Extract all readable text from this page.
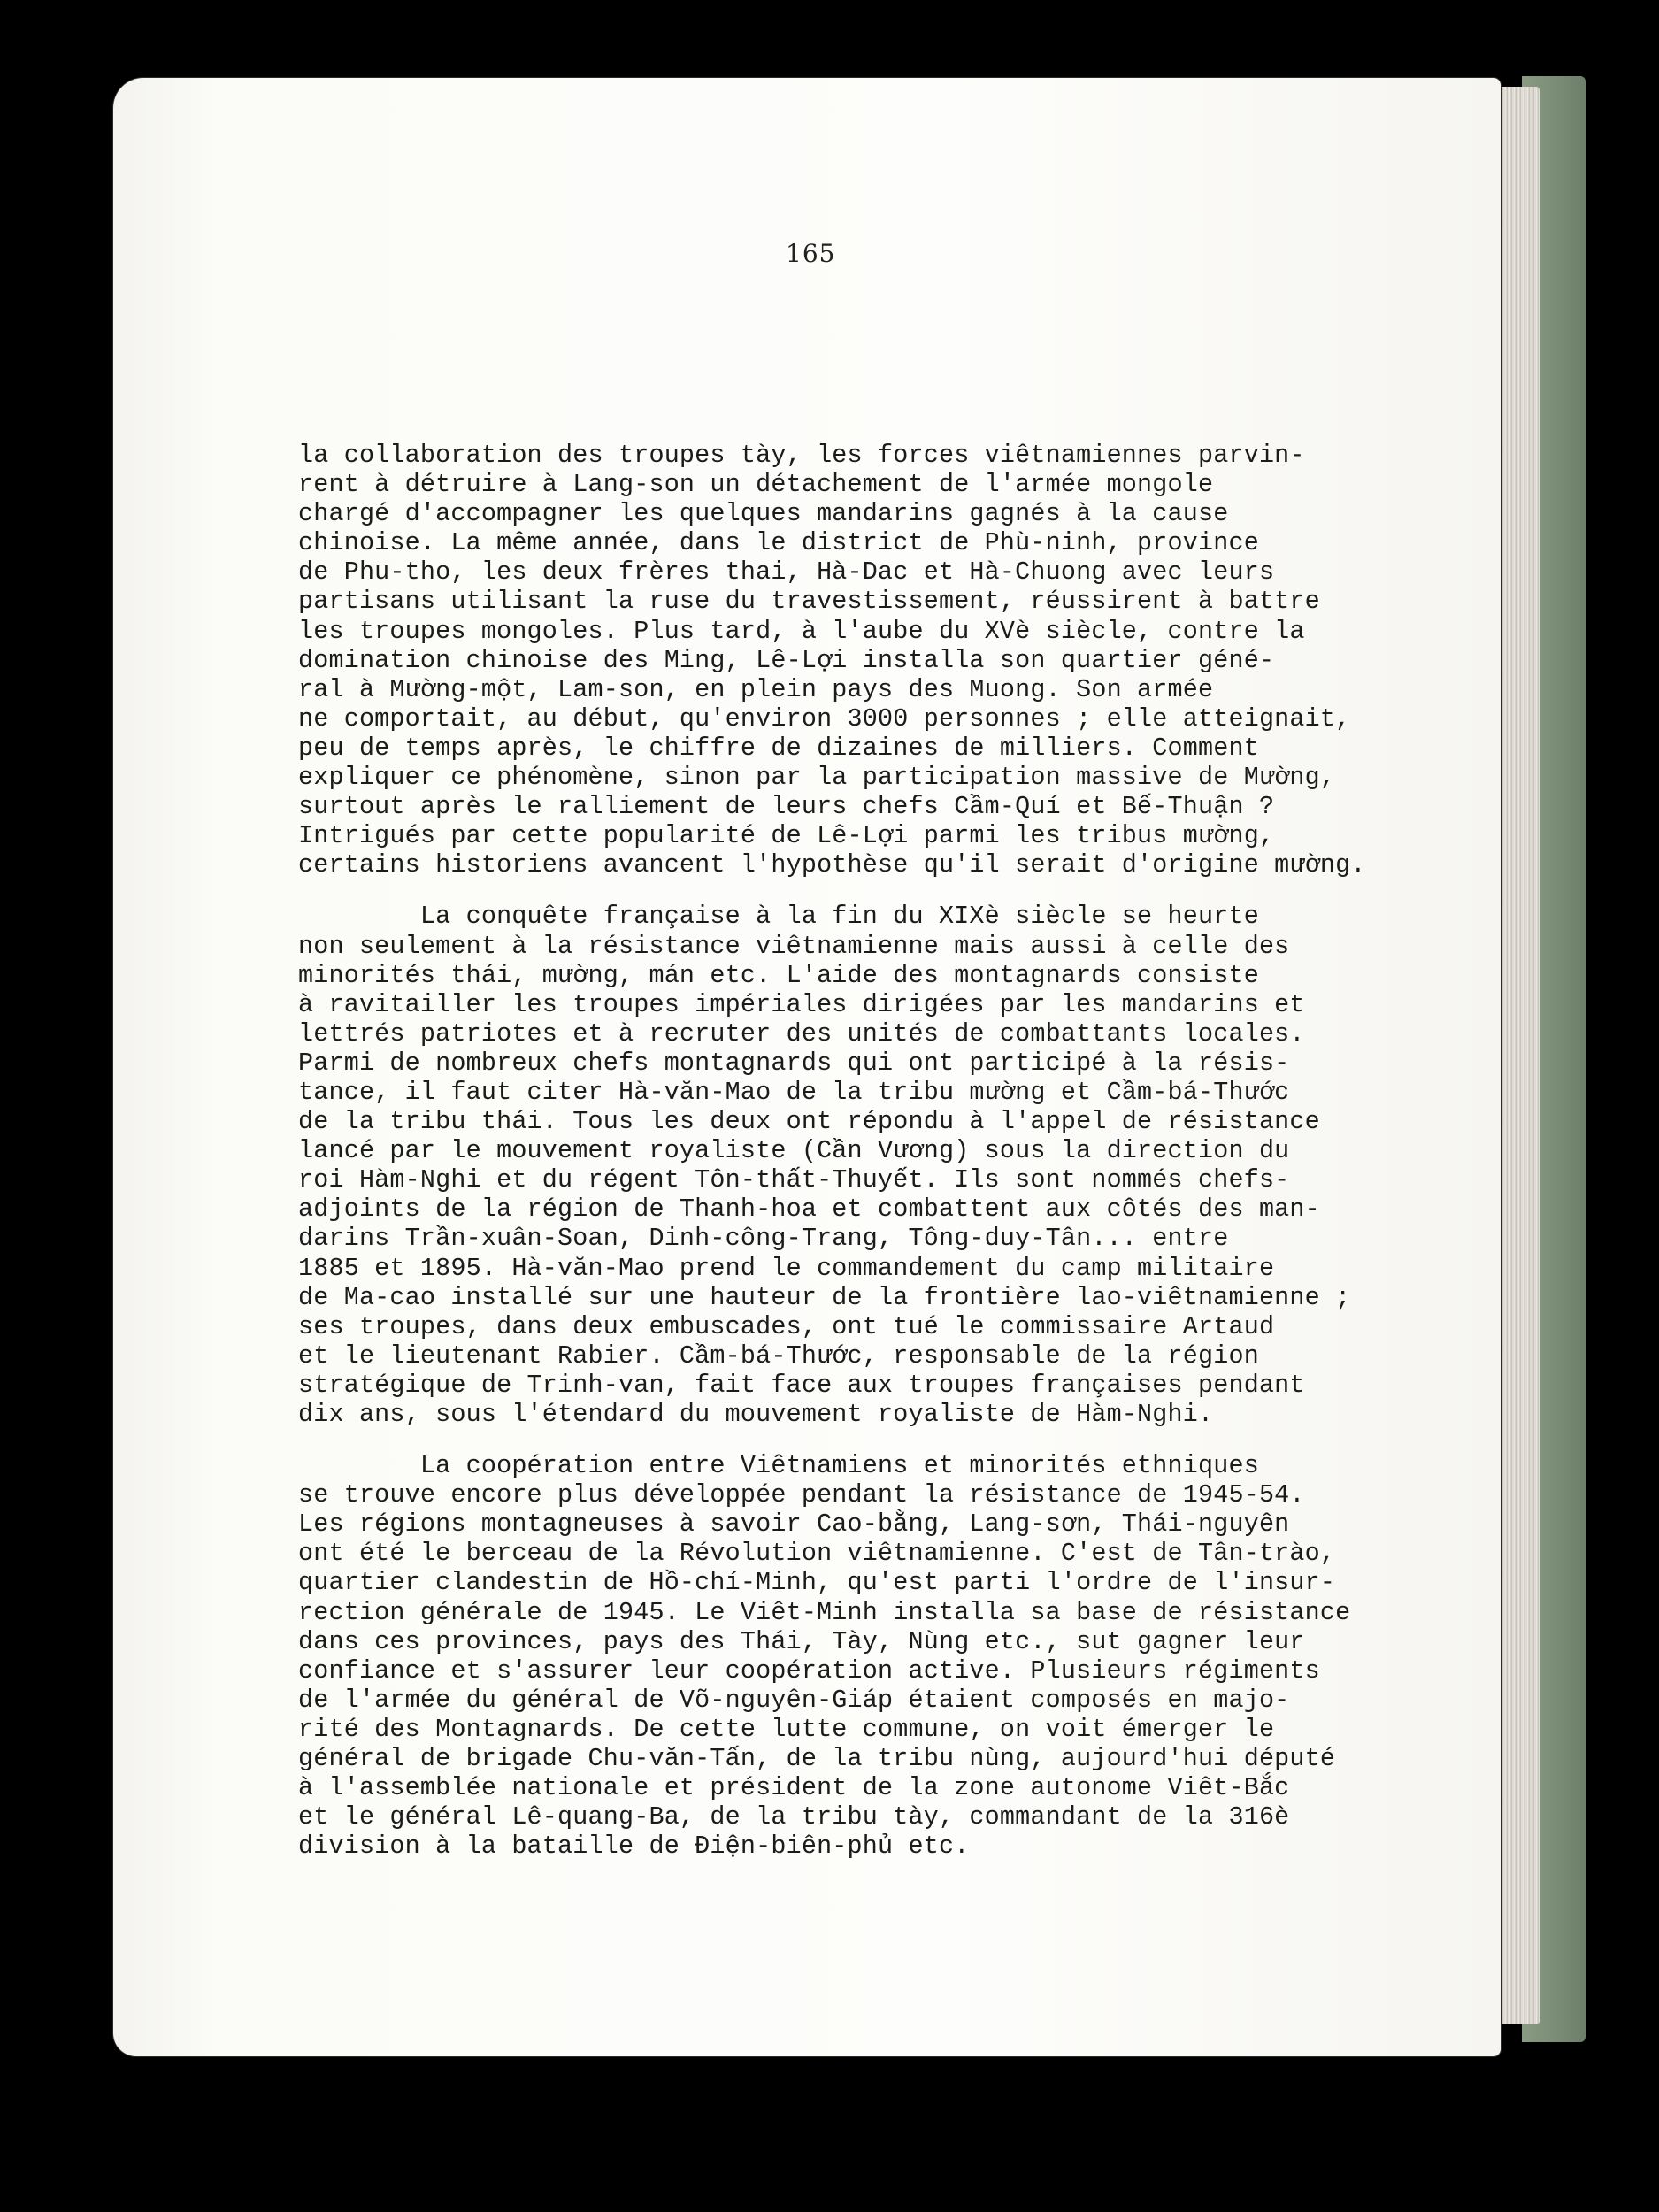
165

la collaboration des troupes tày, les forces viêtnamiennes parvin-

rent à détruire à Lang-son un détachement de l'armée mongole

chargé d'accompagner les quelques mandarins gagnés à la cause

chinoise. La même année, dans le district de Phù-ninh, province

de Phu-tho, les deux frères thai, Hà-Dac et Hà-Chuong avec leurs

partisans utilisant la ruse du travestissement, réussirent à battre

les troupes mongoles. Plus tard, à l'aube du XVè siècle, contre la

domination chinoise des Ming, Lê-Lợi installa son quartier géné-

ral à Mường-một, Lam-son, en plein pays des Muong. Son armée

ne comportait, au début, qu'environ 3000 personnes ; elle atteignait,

peu de temps après, le chiffre de dizaines de milliers. Comment

expliquer ce phénomène, sinon par la participation massive de Mường,

surtout après le ralliement de leurs chefs Cầm-Quí et Bế-Thuận ?

Intrigués par cette popularité de Lê-Lợi parmi les tribus mường,

certains historiens avancent l'hypothèse qu'il serait d'origine mường.

La conquête française à la fin du XIXè siècle se heurte

non seulement à la résistance viêtnamienne mais aussi à celle des

minorités thái, mường, mán etc. L'aide des montagnards consiste

à ravitailler les troupes impériales dirigées par les mandarins et

lettrés patriotes et à recruter des unités de combattants locales.

Parmi de nombreux chefs montagnards qui ont participé à la résis-

tance, il faut citer Hà-văn-Mao de la tribu mường et Cầm-bá-Thước

de la tribu thái. Tous les deux ont répondu à l'appel de résistance

lancé par le mouvement royaliste (Cần Vương) sous la direction du

roi Hàm-Nghi et du régent Tôn-thất-Thuyết. Ils sont nommés chefs-

adjoints de la région de Thanh-hoa et combattent aux côtés des man-

darins Trần-xuân-Soan, Dinh-công-Trang, Tông-duy-Tân... entre

1885 et 1895. Hà-văn-Mao prend le commandement du camp militaire

de Ma-cao installé sur une hauteur de la frontière lao-viêtnamienne ;

ses troupes, dans deux embuscades, ont tué le commissaire Artaud

et le lieutenant Rabier. Cầm-bá-Thước, responsable de la région

stratégique de Trinh-van, fait face aux troupes françaises pendant

dix ans, sous l'étendard du mouvement royaliste de Hàm-Nghi.

La coopération entre Viêtnamiens et minorités ethniques

se trouve encore plus développée pendant la résistance de 1945-54.

Les régions montagneuses à savoir Cao-bằng, Lang-sơn, Thái-nguyên

ont été le berceau de la Révolution viêtnamienne. C'est de Tân-trào,

quartier clandestin de Hồ-chí-Minh, qu'est parti l'ordre de l'insur-

rection générale de 1945. Le Viêt-Minh installa sa base de résistance

dans ces provinces, pays des Thái, Tày, Nùng etc., sut gagner leur

confiance et s'assurer leur coopération active. Plusieurs régiments

de l'armée du général de Võ-nguyên-Giáp étaient composés en majo-

rité des Montagnards. De cette lutte commune, on voit émerger le

général de brigade Chu-văn-Tấn, de la tribu nùng, aujourd'hui député

à l'assemblée nationale et président de la zone autonome Viêt-Bắc

et le général Lê-quang-Ba, de la tribu tày, commandant de la 316è

division à la bataille de Điện-biên-phủ etc.
